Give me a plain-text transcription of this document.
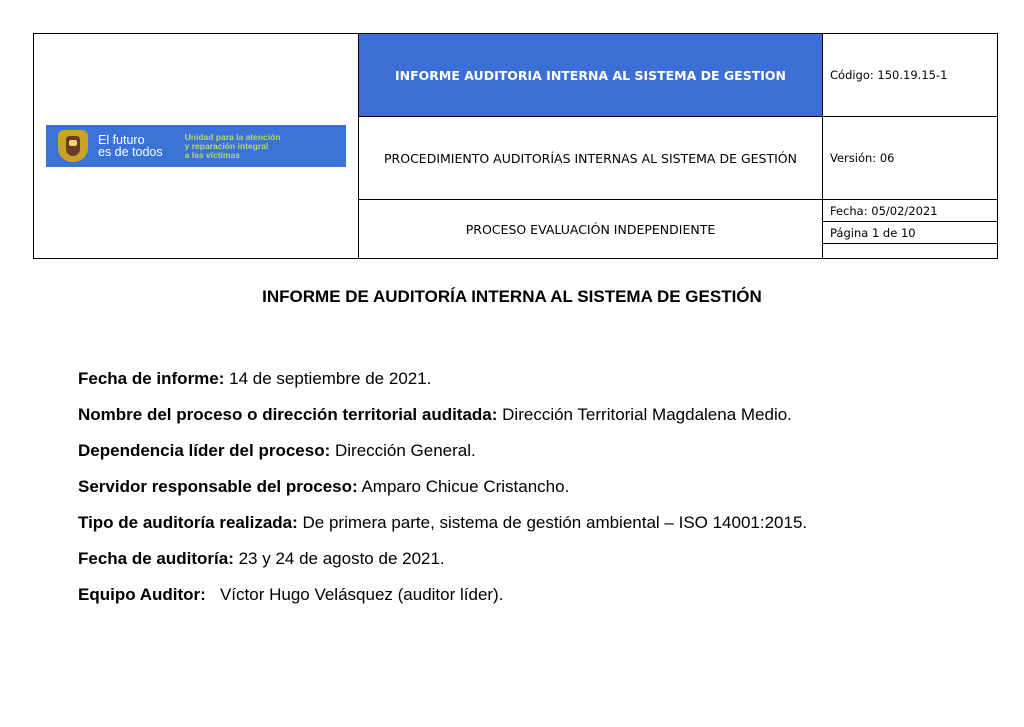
El futuro
es de todos
Unidad para la atención
y reparación integral
a las víctimas
INFORME AUDITORIA INTERNA AL SISTEMA DE GESTION	Código: 150.19.15-1
PROCEDIMIENTO AUDITORÍAS INTERNAS AL SISTEMA DE GESTIÓN	Versión: 06
PROCESO EVALUACIÓN INDEPENDIENTE
Fecha: 05/02/2021
Página 1 de 10
INFORME DE AUDITORÍA INTERNA AL SISTEMA DE GESTIÓN

Fecha de informe: 14 de septiembre de 2021.

Nombre del proceso o dirección territorial auditada: Dirección Territorial Magdalena Medio.

Dependencia líder del proceso: Dirección General.

Servidor responsable del proceso: Amparo Chicue Cristancho.

Tipo de auditoría realizada: De primera parte, sistema de gestión ambiental – ISO 14001:2015.

Fecha de auditoría: 23 y 24 de agosto de 2021.

Equipo Auditor:   Víctor Hugo Velásquez (auditor líder).
